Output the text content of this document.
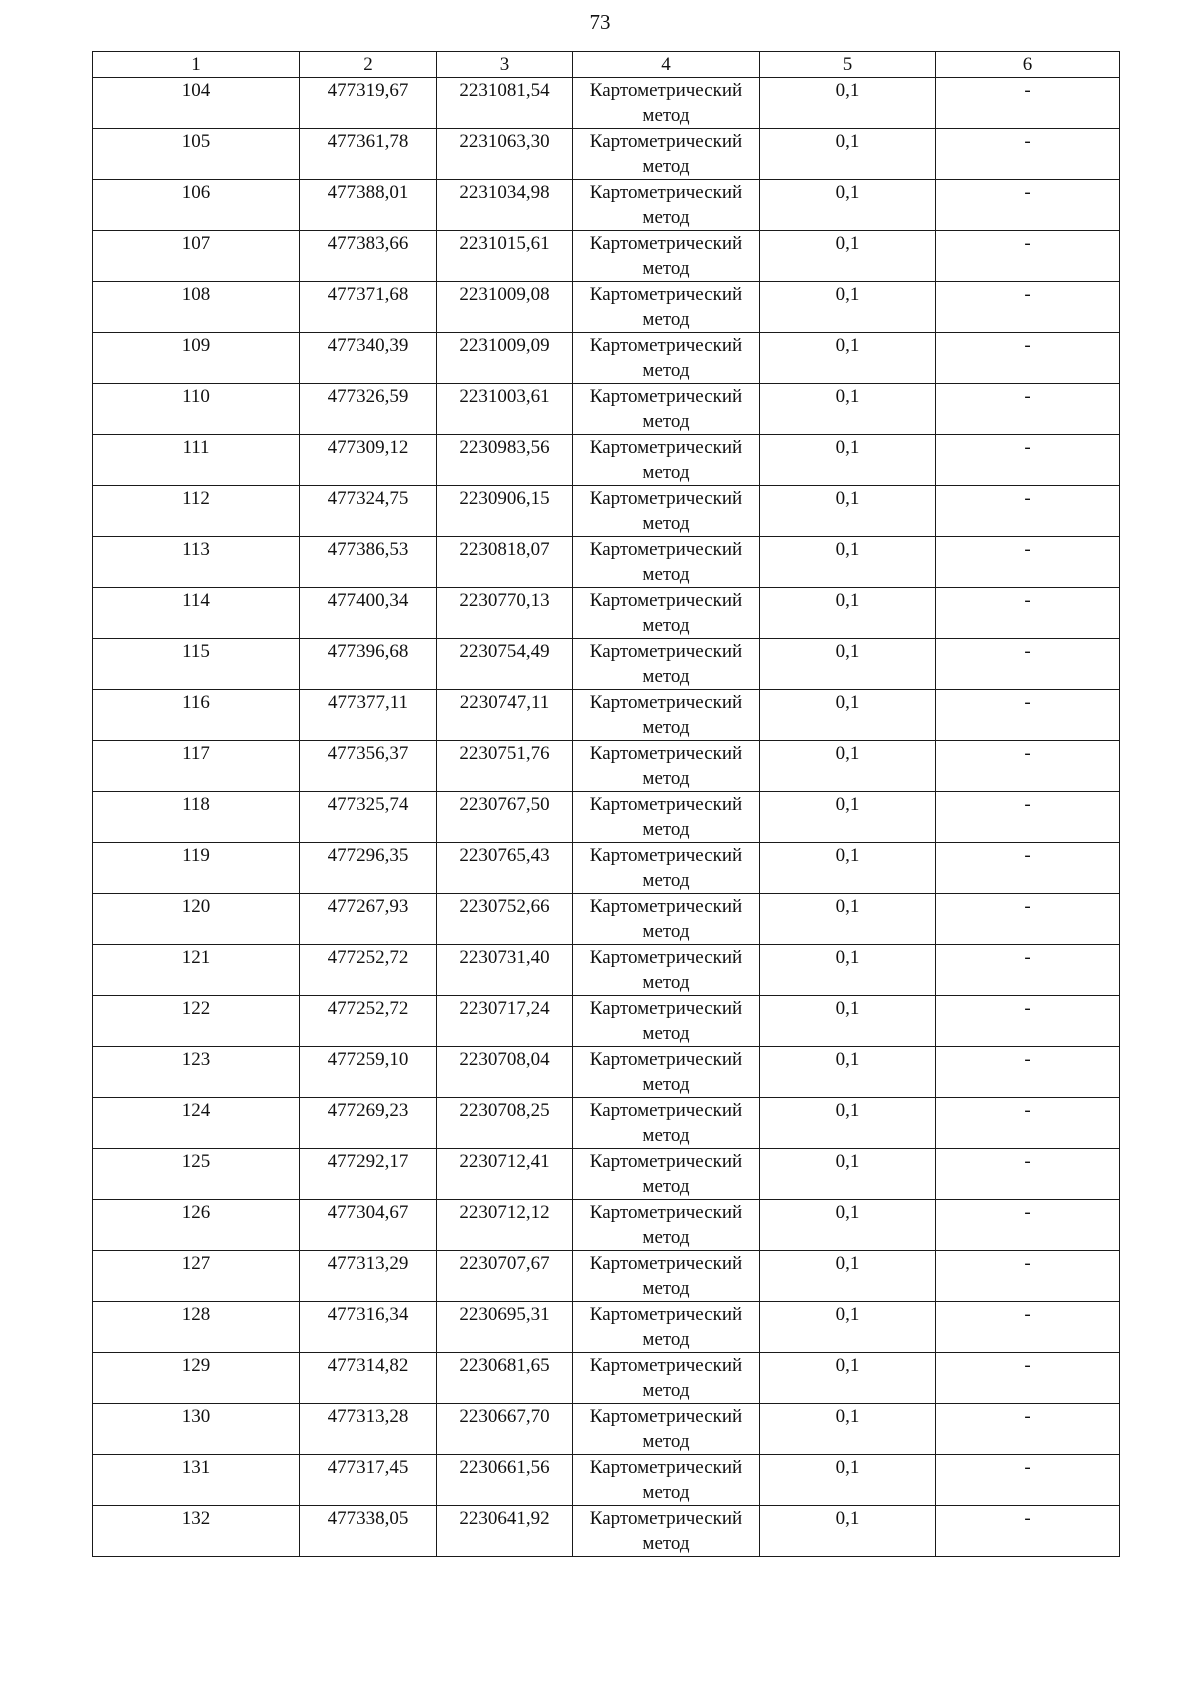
73
1	2	3	4	5	6
104	477319,67	2231081,54	Картометрический метод	0,1	-
105	477361,78	2231063,30	Картометрический метод	0,1	-
106	477388,01	2231034,98	Картометрический метод	0,1	-
107	477383,66	2231015,61	Картометрический метод	0,1	-
108	477371,68	2231009,08	Картометрический метод	0,1	-
109	477340,39	2231009,09	Картометрический метод	0,1	-
110	477326,59	2231003,61	Картометрический метод	0,1	-
111	477309,12	2230983,56	Картометрический метод	0,1	-
112	477324,75	2230906,15	Картометрический метод	0,1	-
113	477386,53	2230818,07	Картометрический метод	0,1	-
114	477400,34	2230770,13	Картометрический метод	0,1	-
115	477396,68	2230754,49	Картометрический метод	0,1	-
116	477377,11	2230747,11	Картометрический метод	0,1	-
117	477356,37	2230751,76	Картометрический метод	0,1	-
118	477325,74	2230767,50	Картометрический метод	0,1	-
119	477296,35	2230765,43	Картометрический метод	0,1	-
120	477267,93	2230752,66	Картометрический метод	0,1	-
121	477252,72	2230731,40	Картометрический метод	0,1	-
122	477252,72	2230717,24	Картометрический метод	0,1	-
123	477259,10	2230708,04	Картометрический метод	0,1	-
124	477269,23	2230708,25	Картометрический метод	0,1	-
125	477292,17	2230712,41	Картометрический метод	0,1	-
126	477304,67	2230712,12	Картометрический метод	0,1	-
127	477313,29	2230707,67	Картометрический метод	0,1	-
128	477316,34	2230695,31	Картометрический метод	0,1	-
129	477314,82	2230681,65	Картометрический метод	0,1	-
130	477313,28	2230667,70	Картометрический метод	0,1	-
131	477317,45	2230661,56	Картометрический метод	0,1	-
132	477338,05	2230641,92	Картометрический метод	0,1	-
